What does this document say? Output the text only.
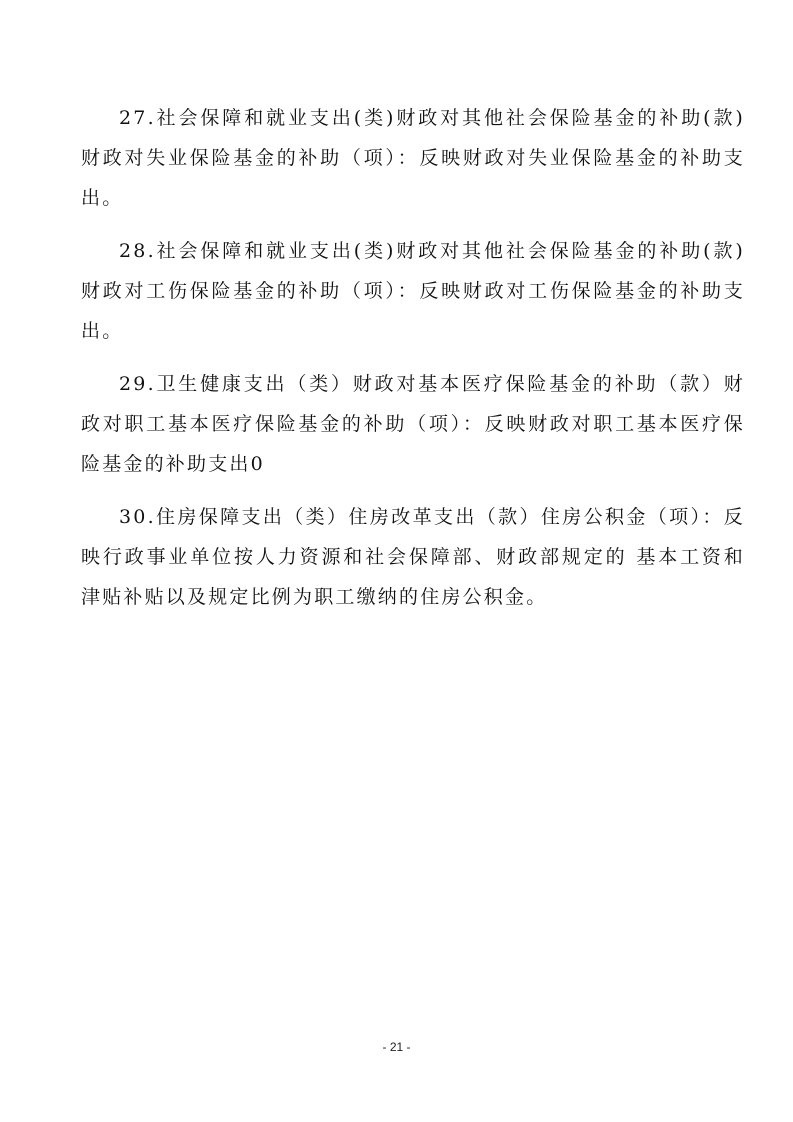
27.社会保障和就业支出(类)财政对其他社会保险基金的补助(款)财政对失业保险基金的补助（项）：反映财政对失业保险基金的补助支出。

28.社会保障和就业支出(类)财政对其他社会保险基金的补助(款)财政对工伤保险基金的补助（项）：反映财政对工伤保险基金的补助支出。

29.卫生健康支出（类）财政对基本医疗保险基金的补助（款）财政对职工基本医疗保险基金的补助（项）：反映财政对职工基本医疗保险基金的补助支出0

30.住房保障支出（类）住房改革支出（款）住房公积金（项）：反映行政事业单位按人力资源和社会保障部、财政部规定的 基本工资和津贴补贴以及规定比例为职工缴纳的住房公积金。

- 21 -
